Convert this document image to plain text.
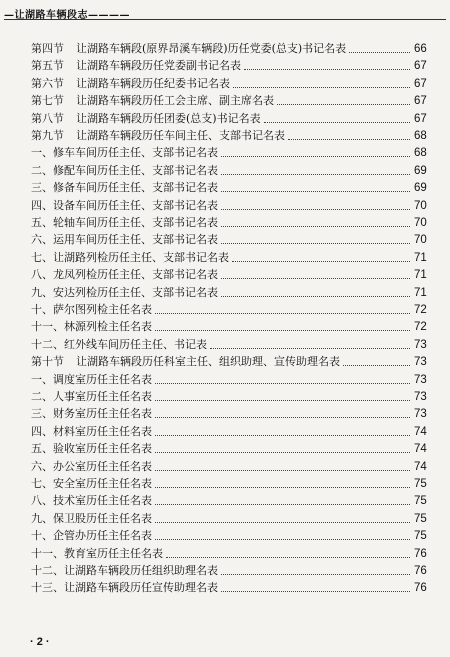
—让湖路车辆段志————
第四节 让湖路车辆段(原界昂溪车辆段)历任党委(总支)书记名表	66
第五节 让湖路车辆段历任党委副书记名表	67
第六节 让湖路车辆段历任纪委书记名表	67
第七节 让湖路车辆段历任工会主席、副主席名表	67
第八节 让湖路车辆段历任团委(总支)书记名表	67
第九节 让湖路车辆段历任车间主任、支部书记名表	68
一、修车车间历任主任、支部书记名表	68
二、修配车间历任主任、支部书记名表	69
三、修备车间历任主任、支部书记名表	69
四、设备车间历任主任、支部书记名表	70
五、轮轴车间历任主任、支部书记名表	70
六、运用车间历任主任、支部书记名表	70
七、让湖路列检历任主任、支部书记名表	71
八、龙凤列检历任主任、支部书记名表	71
九、安达列检历任主任、支部书记名表	71
十、萨尔图列检主任名表	72
十一、林源列检主任名表	72
十二、红外线车间历任主任、书记表	73
第十节 让湖路车辆段历任科室主任、组织助理、宣传助理名表	73
一、调度室历任主任名表	73
二、人事室历任主任名表	73
三、财务室历任主任名表	73
四、材料室历任主任名表	74
五、验收室历任主任名表	74
六、办公室历任主任名表	74
七、安全室历任主任名表	75
八、技术室历任主任名表	75
九、保卫股历任主任名表	75
十、企管办历任主任名表	75
十一、教育室历任主任名表	76
十二、让湖路车辆段历任组织助理名表	76
十三、让湖路车辆段历任宣传助理名表	76
· 2 ·
